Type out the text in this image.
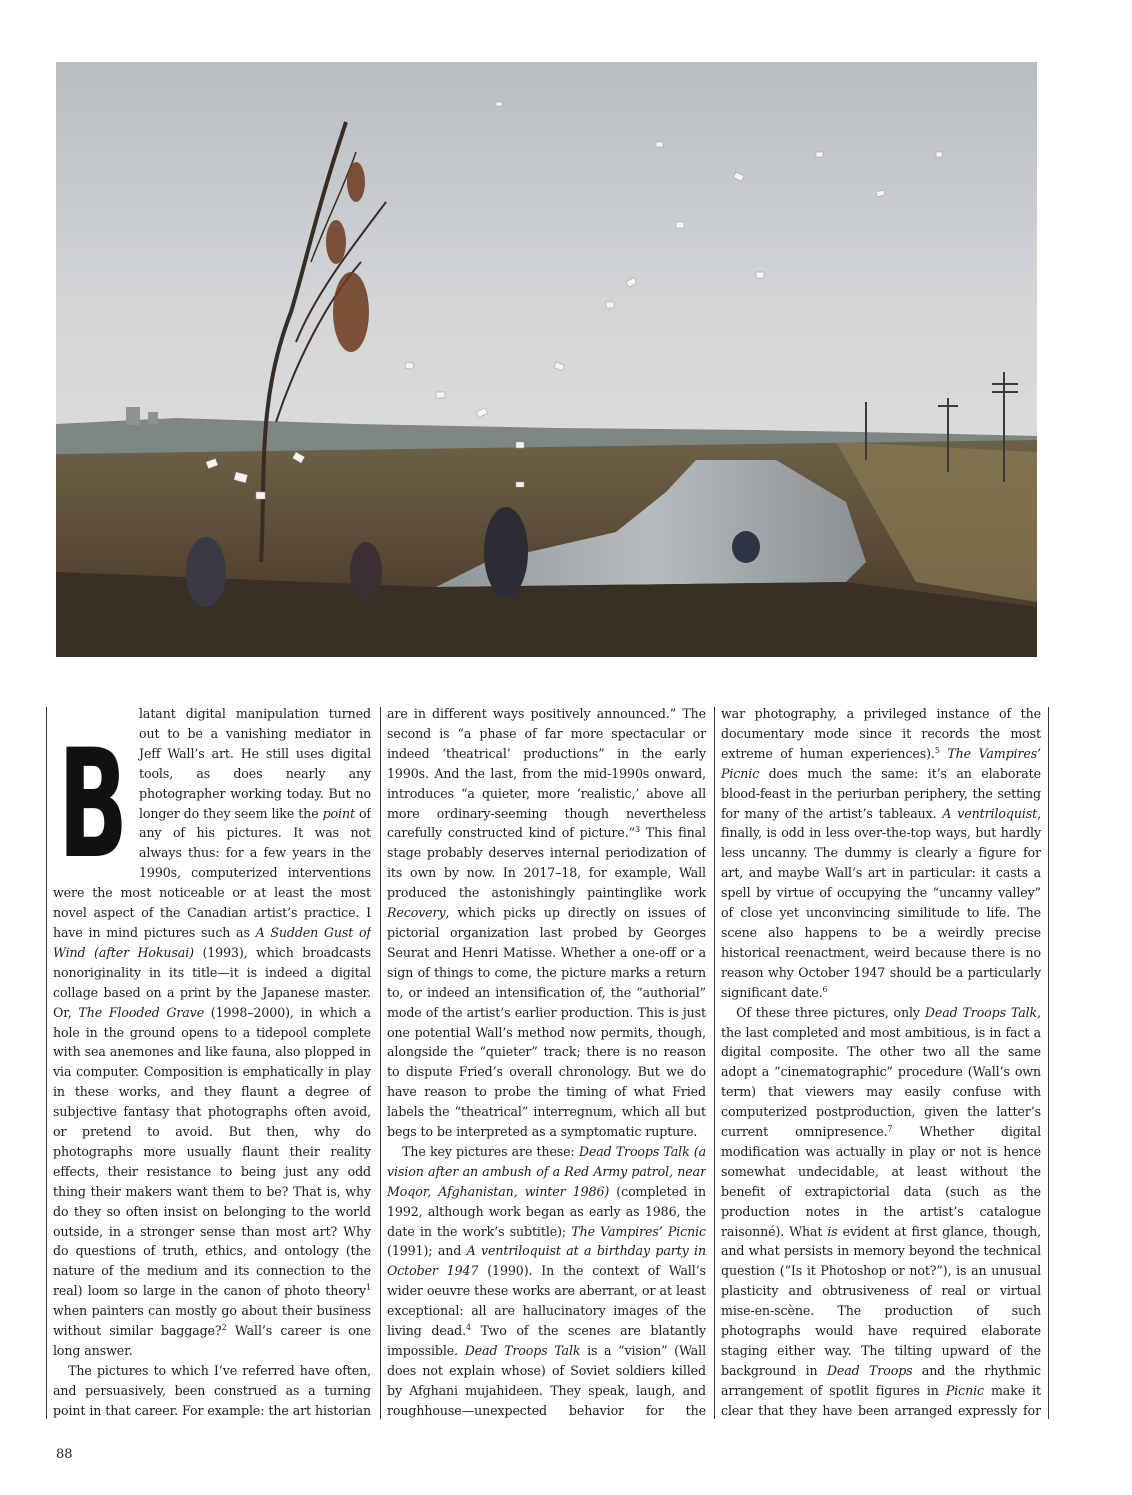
B
latant digital manipulation turned out to be a vanishing mediator in Jeff Wall’s art. He still uses digital tools, as does nearly any photographer working today. But no longer do they seem like the point of any of his pictures. It was not always thus: for a few years in the 1990s, computerized interventions were the most noticeable or at least the most novel aspect of the Canadian artist’s practice. I have in mind pictures such as A Sudden Gust of Wind (after Hokusai) (1993), which broadcasts nonoriginality in its title—it is indeed a digital collage based on a print by the Japanese master. Or, The Flooded Grave (1998–2000), in which a hole in the ground opens to a tidepool complete with sea anemones and like fauna, also plopped in via computer. Composition is emphatically in play in these works, and they flaunt a degree of subjective fantasy that photographs often avoid, or pretend to avoid. But then, why do photographs more usually flaunt their reality effects, their resistance to being just any odd thing their makers want them to be? That is, why do they so often insist on belonging to the world outside, in a stronger sense than most art? Why do questions of truth, ethics, and ontology (the nature of the medium and its connection to the real) loom so large in the canon of photo theory$^1$ when painters can mostly go about their business without similar baggage?$^2$ Wall’s career is one long answer.

The pictures to which I’ve referred have often, and persuasively, been construed as a turning point in that career. For example: the art historian

are in different ways positively announced.” The second is “a phase of far more spectacular or indeed ‘theatrical’ productions” in the early 1990s. And the last, from the mid-1990s onward, introduces “a quieter, more ‘realistic,’ above all more ordinary-seeming though nevertheless carefully constructed kind of picture.”$^3$ This final stage probably deserves internal periodization of its own by now. In 2017–18, for example, Wall produced the astonishingly paintinglike work Recovery, which picks up directly on issues of pictorial organization last probed by Georges Seurat and Henri Matisse. Whether a one-off or a sign of things to come, the picture marks a return to, or indeed an intensification of, the “authorial” mode of the artist’s earlier production. This is just one potential Wall’s method now permits, though, alongside the “quieter” track; there is no reason to dispute Fried’s overall chronology. But we do have reason to probe the timing of what Fried labels the “theatrical” interregnum, which all but begs to be interpreted as a symptomatic rupture.

The key pictures are these: Dead Troops Talk (a vision after an ambush of a Red Army patrol, near Moqor, Afghanistan, winter 1986) (completed in 1992, although work began as early as 1986, the date in the work’s subtitle); The Vampires’ Picnic (1991); and A ventriloquist at a birthday party in October 1947 (1990). In the context of Wall’s wider oeuvre these works are aberrant, or at least exceptional: all are hallucinatory images of the living dead.$^4$ Two of the scenes are blatantly impossible. Dead Troops Talk is a “vision” (Wall does not explain whose) of Soviet soldiers killed by Afghani mujahideen. They speak, laugh, and roughhouse—unexpected behavior for the

war photography, a privileged instance of the documentary mode since it records the most extreme of human experiences).$^5$ The Vampires’ Picnic does much the same: it’s an elaborate blood-feast in the periurban periphery, the setting for many of the artist’s tableaux. A ventriloquist, finally, is odd in less over-the-top ways, but hardly less uncanny. The dummy is clearly a figure for art, and maybe Wall’s art in particular: it casts a spell by virtue of occupying the “uncanny valley” of close yet unconvincing similitude to life. The scene also happens to be a weirdly precise historical reenactment, weird because there is no reason why October 1947 should be a particularly significant date.$^6$

Of these three pictures, only Dead Troops Talk, the last completed and most ambitious, is in fact a digital composite. The other two all the same adopt a “cinematographic” procedure (Wall’s own term) that viewers may easily confuse with computerized postproduction, given the latter’s current omnipresence.$^7$ Whether digital modification was actually in play or not is hence somewhat undecidable, at least without the benefit of extrapictorial data (such as the production notes in the artist’s catalogue raisonné). What is evident at first glance, though, and what persists in memory beyond the technical question (“Is it Photoshop or not?”), is an unusual plasticity and obtrusiveness of real or virtual mise-en-scène. The production of such photographs would have required elaborate staging either way. The tilting upward of the background in Dead Troops and the rhythmic arrangement of spotlit figures in Picnic make it clear that they have been arranged expressly for

88
